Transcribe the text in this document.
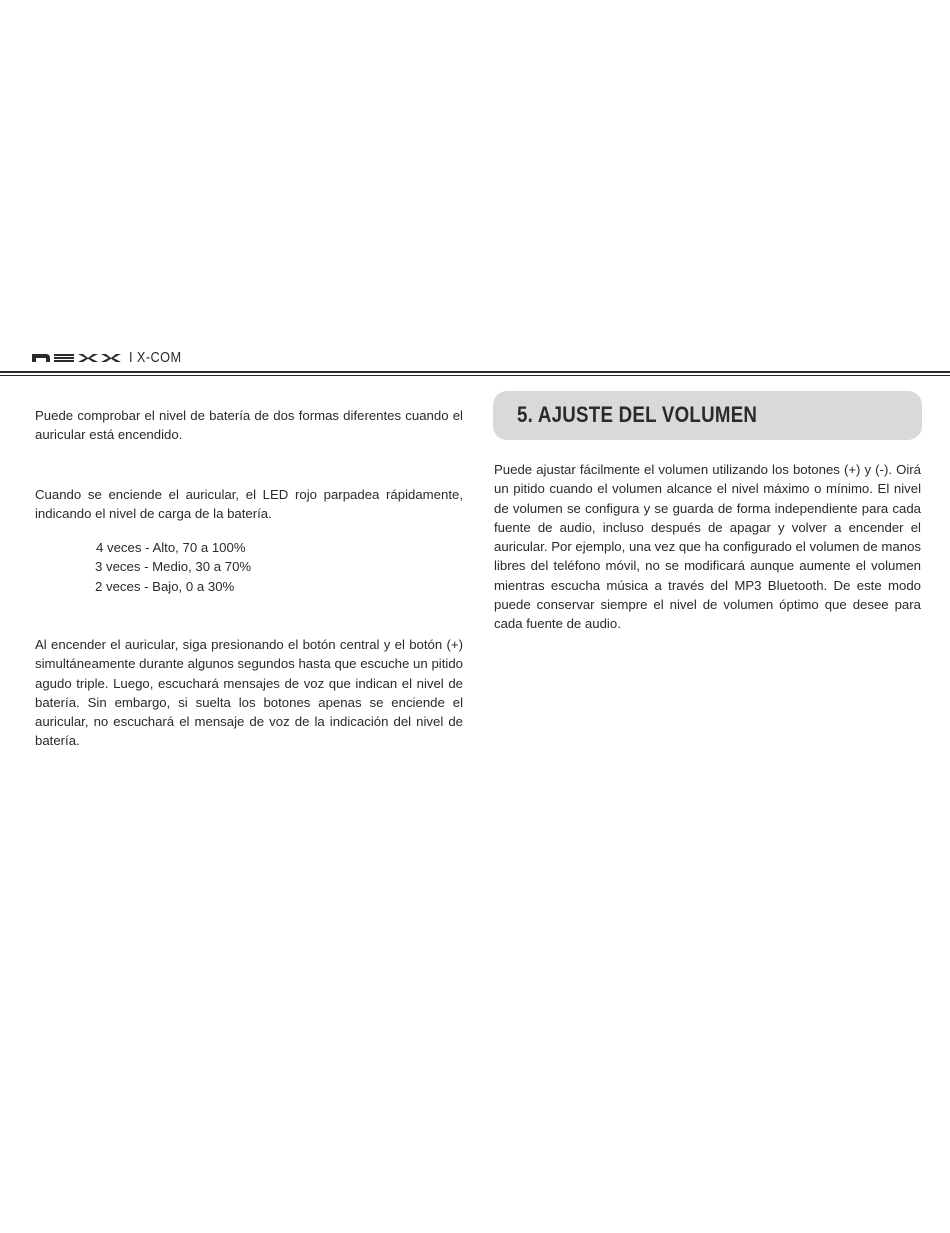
I X-COM
Puede comprobar el nivel de batería de dos formas diferentes cuando el auricular está encendido.
Cuando se enciende el auricular, el LED rojo parpadea rápidamente, indicando el nivel de carga de la batería.
4 veces - Alto, 70 a 100%
3 veces - Medio, 30 a 70%
2 veces - Bajo, 0 a 30%
Al encender el auricular, siga presionando el botón central y el botón (+) simultáneamente durante algunos segundos hasta que escuche un pitido agudo triple. Luego, escuchará mensajes de voz que indican el nivel de batería. Sin embargo, si suelta los botones apenas se enciende el auricular, no escuchará el mensaje de voz de la indicación del nivel de batería.
5. AJUSTE DEL VOLUMEN
Puede ajustar fácilmente el volumen utilizando los botones (+) y (-). Oirá un pitido cuando el volumen alcance el nivel máximo o mínimo. El nivel de volumen se configura y se guarda de forma independiente para cada fuente de audio, incluso después de apagar y volver a encender el auricular. Por ejemplo, una vez que ha configurado el volumen de manos libres del teléfono móvil, no se modificará aunque aumente el volumen mientras escucha música a través del MP3 Bluetooth. De este modo puede conservar siempre el nivel de volumen óptimo que desee para cada fuente de audio.
